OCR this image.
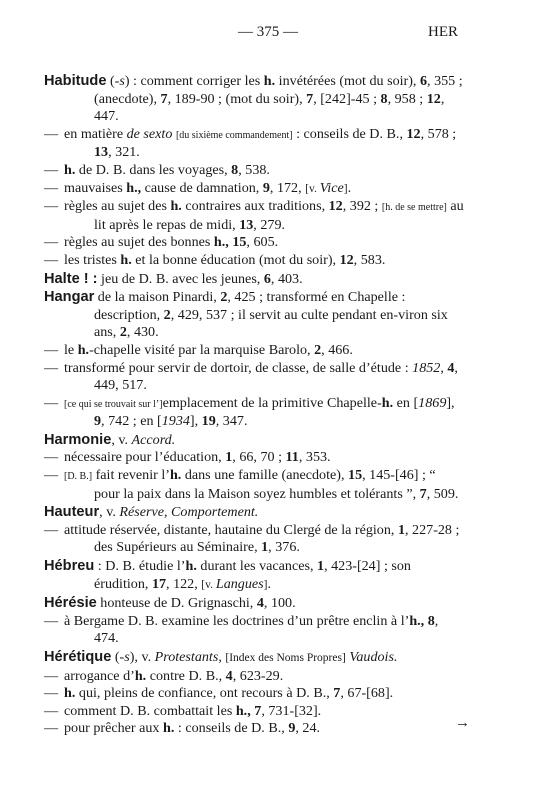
— 375 —	HER
Habitude (-s) : comment corriger les h. invétérées (mot du soir), 6, 355 ; (anecdote), 7, 189-90 ; (mot du soir), 7, [242]-45 ; 8, 958 ; 12, 447.
— en matière de sexto [du sixième commandement] : conseils de D. B., 12, 578 ; 13, 321.
— h. de D. B. dans les voyages, 8, 538.
— mauvaises h., cause de damnation, 9, 172, [v. Vice].
— règles au sujet des h. contraires aux traditions, 12, 392 ; [h. de se mettre] au lit après le repas de midi, 13, 279.
— règles au sujet des bonnes h., 15, 605.
— les tristes h. et la bonne éducation (mot du soir), 12, 583.
Halte ! : jeu de D. B. avec les jeunes, 6, 403.
Hangar de la maison Pinardi, 2, 425 ; transformé en Chapelle : description, 2, 429, 537 ; il servit au culte pendant en-viron six ans, 2, 430.
— le h.-chapelle visité par la marquise Barolo, 2, 466.
— transformé pour servir de dortoir, de classe, de salle d’étude : 1852, 4, 449, 517.
— [ce qui se trouvait sur l’]emplacement de la primitive Chapelle-h. en [1869], 9, 742 ; en [1934], 19, 347.
Harmonie, v. Accord.
— nécessaire pour l’éducation, 1, 66, 70 ; 11, 353.
— [D. B.] fait revenir l’h. dans une famille (anecdote), 15, 145-[46] ; “ pour la paix dans la Maison soyez humbles et tolérants ”, 7, 509.
Hauteur, v. Réserve, Comportement.
— attitude réservée, distante, hautaine du Clergé de la région, 1, 227-28 ; des Supérieurs au Séminaire, 1, 376.
Hébreu : D. B. étudie l’h. durant les vacances, 1, 423-[24] ; son érudition, 17, 122, [v. Langues].
Hérésie honteuse de D. Grignaschi, 4, 100.
— à Bergame D. B. examine les doctrines d’un prêtre enclin à l’h., 8, 474.
Hérétique (-s), v. Protestants, [Index des Noms Propres] Vaudois.
— arrogance d’h. contre D. B., 4, 623-29.
— h. qui, pleins de confiance, ont recours à D. B., 7, 67-[68].
— comment D. B. combattait les h., 7, 731-[32].
— pour prêcher aux h. : conseils de D. B., 9, 24.	→
